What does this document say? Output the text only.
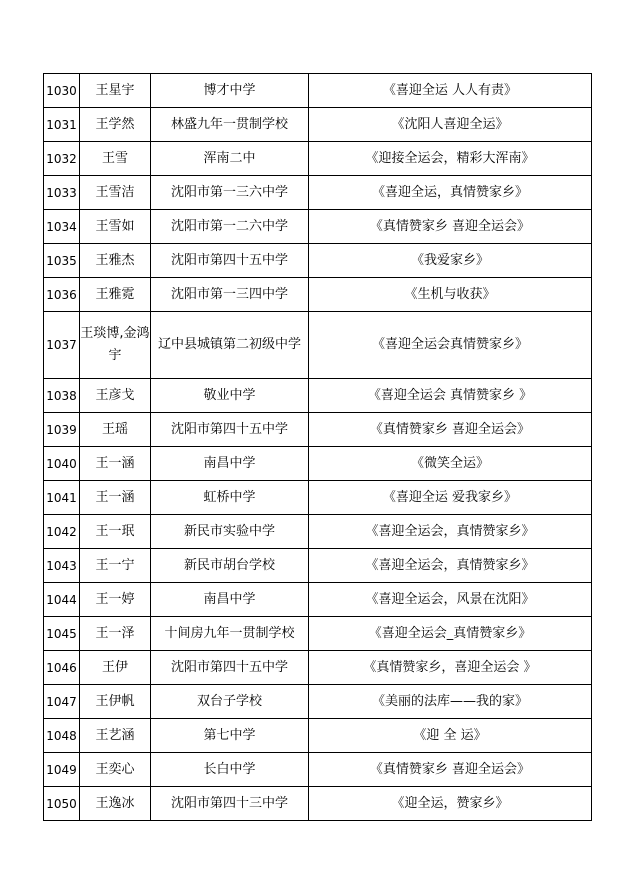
1030	王星宇	博才中学	《喜迎全运 人人有责》
1031	王学然	林盛九年一贯制学校	《沈阳人喜迎全运》
1032	王雪	浑南二中	《迎接全运会，精彩大浑南》
1033	王雪洁	沈阳市第一三六中学	《喜迎全运，真情赞家乡》
1034	王雪如	沈阳市第一二六中学	《真情赞家乡 喜迎全运会》
1035	王雅杰	沈阳市第四十五中学	《我爱家乡》
1036	王雅霓	沈阳市第一三四中学	《生机与收获》
1037	王琰博,金鸿宇	辽中县城镇第二初级中学	《喜迎全运会真情赞家乡》
1038	王彦戈	敬业中学	《喜迎全运会 真情赞家乡 》
1039	王瑶	沈阳市第四十五中学	《真情赞家乡 喜迎全运会》
1040	王一涵	南昌中学	《微笑全运》
1041	王一涵	虹桥中学	《喜迎全运 爱我家乡》
1042	王一珉	新民市实验中学	《喜迎全运会，真情赞家乡》
1043	王一宁	新民市胡台学校	《喜迎全运会，真情赞家乡》
1044	王一婷	南昌中学	《喜迎全运会，风景在沈阳》
1045	王一泽	十间房九年一贯制学校	《喜迎全运会_真情赞家乡》
1046	王伊	沈阳市第四十五中学	《真情赞家乡，喜迎全运会 》
1047	王伊帆	双台子学校	《美丽的法库——我的家》
1048	王艺涵	第七中学	《迎 全 运》
1049	王奕心	长白中学	《真情赞家乡 喜迎全运会》
1050	王逸冰	沈阳市第四十三中学	《迎全运，赞家乡》
